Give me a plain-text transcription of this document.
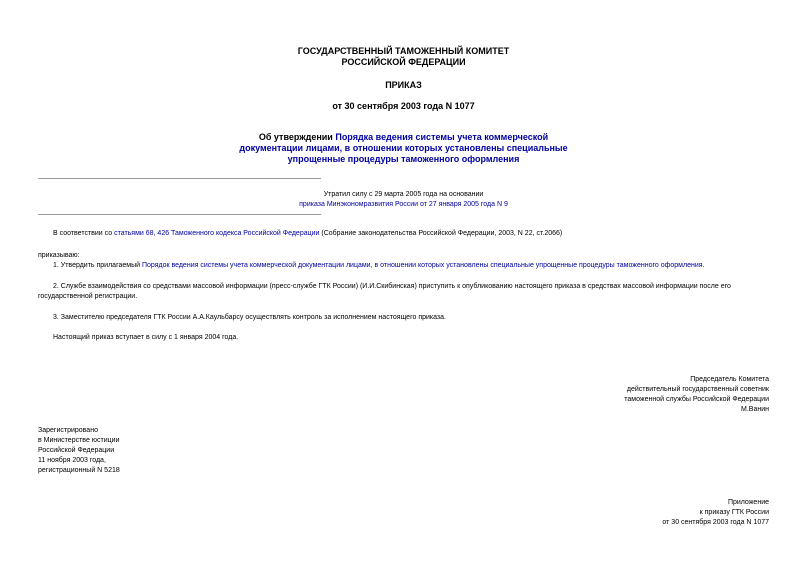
ГОСУДАРСТВЕННЫЙ ТАМОЖЕННЫЙ КОМИТЕТ
РОССИЙСКОЙ ФЕДЕРАЦИИ
ПРИКАЗ
от 30 сентября 2003 года N 1077
Об утверждении Порядка ведения системы учета коммерческой
документации лицами, в отношении которых установлены специальные
упрощенные процедуры таможенного оформления
Утратил силу с 29 марта 2005 года на основании
приказа Минэкономразвития России от 27 января 2005 года N 9
В соответствии со статьями 68, 426 Таможенного кодекса Российской Федерации (Собрание законодательства Российской Федерации, 2003, N 22, ст.2066)
приказываю:
1. Утвердить прилагаемый Порядок ведения системы учета коммерческой документации лицами, в отношении которых установлены специальные упрощенные процедуры таможенного оформления.
2. Службе взаимодействия со средствами массовой информации (пресс-службе ГТК России) (И.И.Скибинская) приступить к опубликованию настоящего приказа в средствах массовой информации после его
государственной регистрации.
3. Заместителю председателя ГТК России А.А.Каульбарсу осуществлять контроль за исполнением настоящего приказа.
Настоящий приказ вступает в силу с 1 января 2004 года.
Председатель Комитета
действительный государственный советник
таможенной службы Российской Федерации
М.Ванин
Зарегистрировано
в Министерстве юстиции
Российской Федерации
11 ноября 2003 года,
регистрационный N 5218
Приложение
к приказу ГТК России
от 30 сентября 2003 года N 1077
